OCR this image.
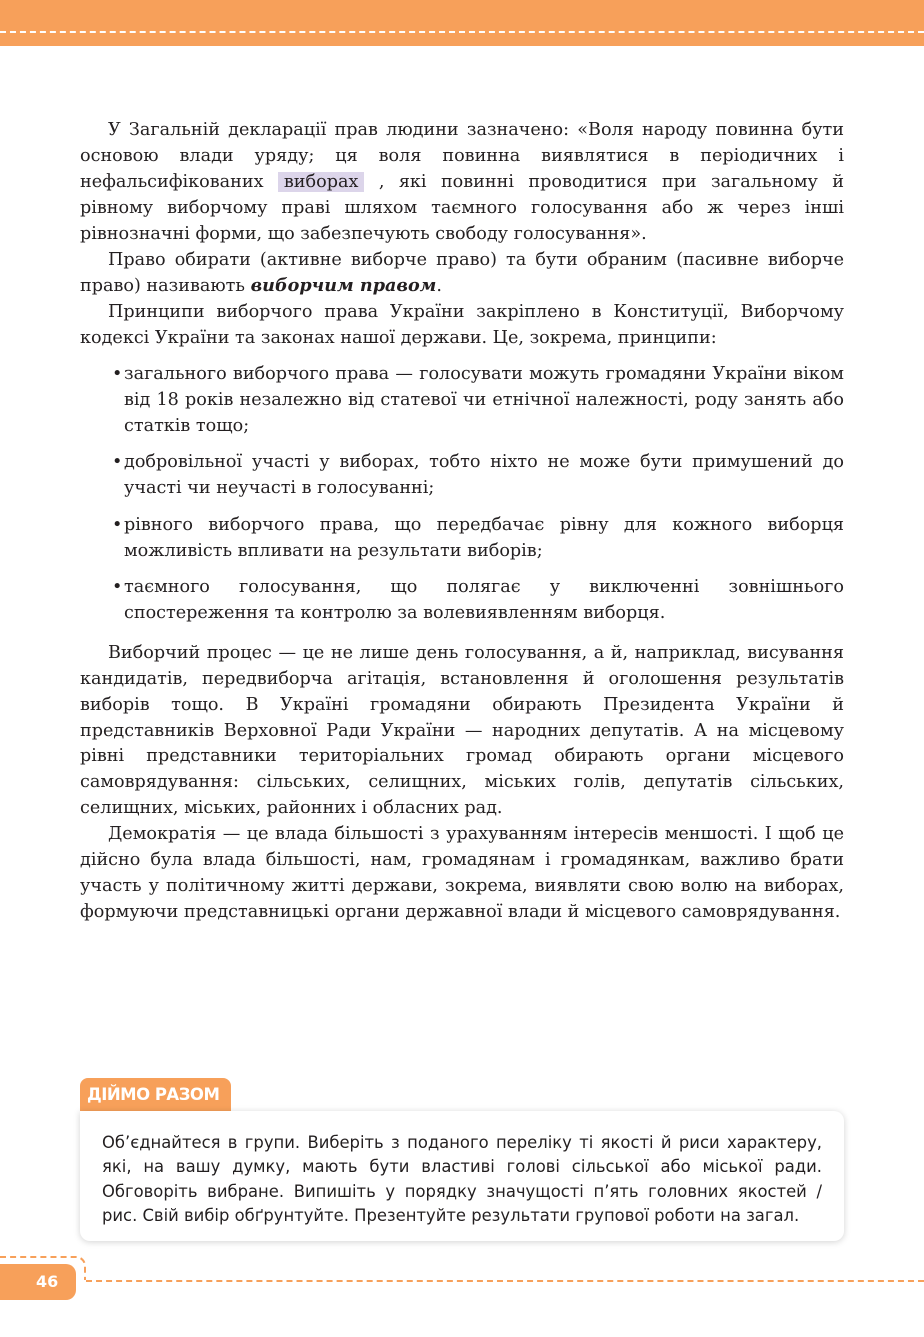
У Загальній декларації прав людини зазначено: «Воля народу повинна бути основою влади уряду; ця воля повинна виявлятися в періодичних і нефальсифікованих виборах , які повинні проводитися при загальному й рівному виборчому праві шляхом таємного голосування або ж через інші рівнозначні форми, що забезпечують свободу голосування».

Право обирати (активне виборче право) та бути обраним (пасивне виборче право) називають виборчим правом.

Принципи виборчого права України закріплено в Конституції, Виборчому кодексі України та законах нашої держави. Це, зокрема, принципи:

• загального виборчого права — голосувати можуть громадяни України віком від 18 років незалежно від статевої чи етнічної належності, роду занять або статків тощо;
• добровільної участі у виборах, тобто ніхто не може бути примушений до участі чи неучасті в голосуванні;
• рівного виборчого права, що передбачає рівну для кожного виборця можливість впливати на результати виборів;
• таємного голосування, що полягає у виключенні зовнішнього спостереження та контролю за волевиявленням виборця.

Виборчий процес — це не лише день голосування, а й, наприклад, висування кандидатів, передвиборча агітація, встановлення й оголошення результатів виборів тощо. В Україні громадяни обирають Президента України й представників Верховної Ради України — народних депутатів. А на місцевому рівні представники територіальних громад обирають органи місцевого самоврядування: сільських, селищних, міських голів, депутатів сільських, селищних, міських, районних і обласних рад.

Демократія — це влада більшості з урахуванням інтересів меншості. І щоб це дійсно була влада більшості, нам, громадянам і громадянкам, важливо брати участь у політичному житті держави, зокрема, виявляти свою волю на виборах, формуючи представницькі органи державної влади й місцевого самоврядування.

ДІЙМО РАЗОМ
Об’єднайтеся в групи. Виберіть з поданого переліку ті якості й риси характеру, які, на вашу думку, мають бути властиві голові сільської або міської ради. Обговоріть вибране. Випишіть у порядку значущості п’ять головних якостей / рис. Свій вибір обґрунтуйте. Презентуйте результати групової роботи на загал.
46
